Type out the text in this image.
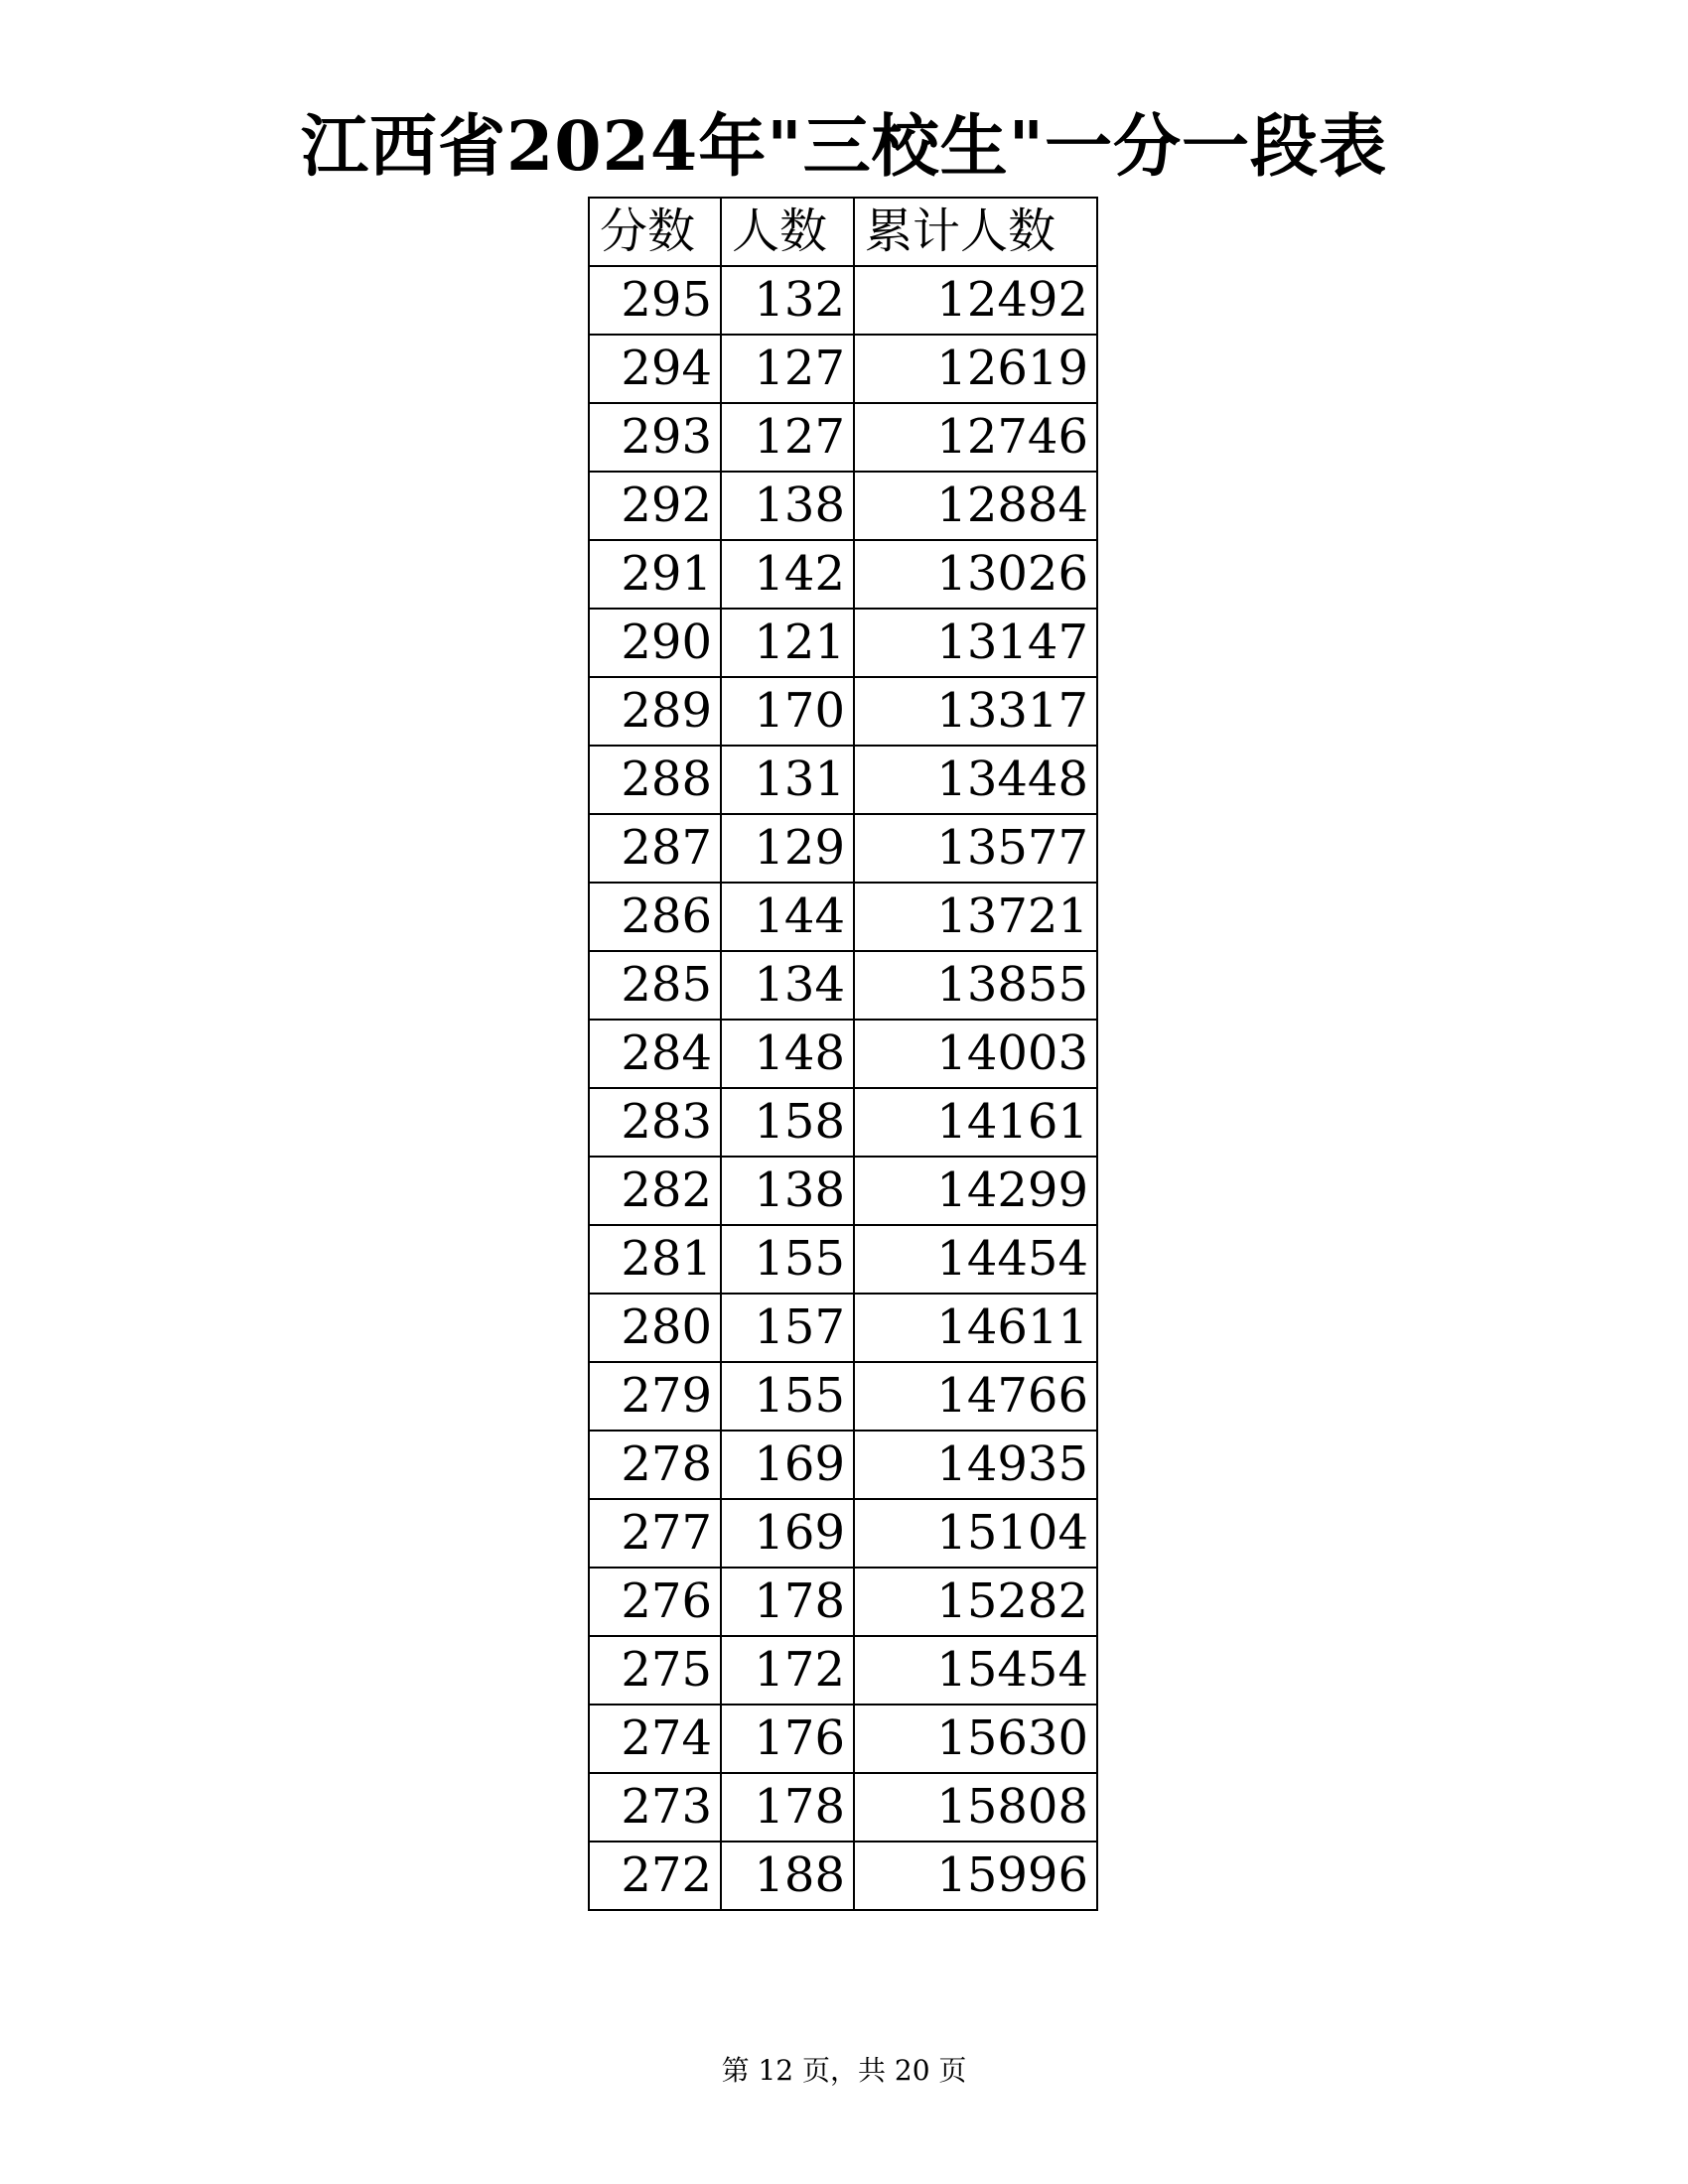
江西省2024年"三校生"一分一段表
分数	人数	累计人数
295	132	12492
294	127	12619
293	127	12746
292	138	12884
291	142	13026
290	121	13147
289	170	13317
288	131	13448
287	129	13577
286	144	13721
285	134	13855
284	148	14003
283	158	14161
282	138	14299
281	155	14454
280	157	14611
279	155	14766
278	169	14935
277	169	15104
276	178	15282
275	172	15454
274	176	15630
273	178	15808
272	188	15996
第 12 页，共 20 页
